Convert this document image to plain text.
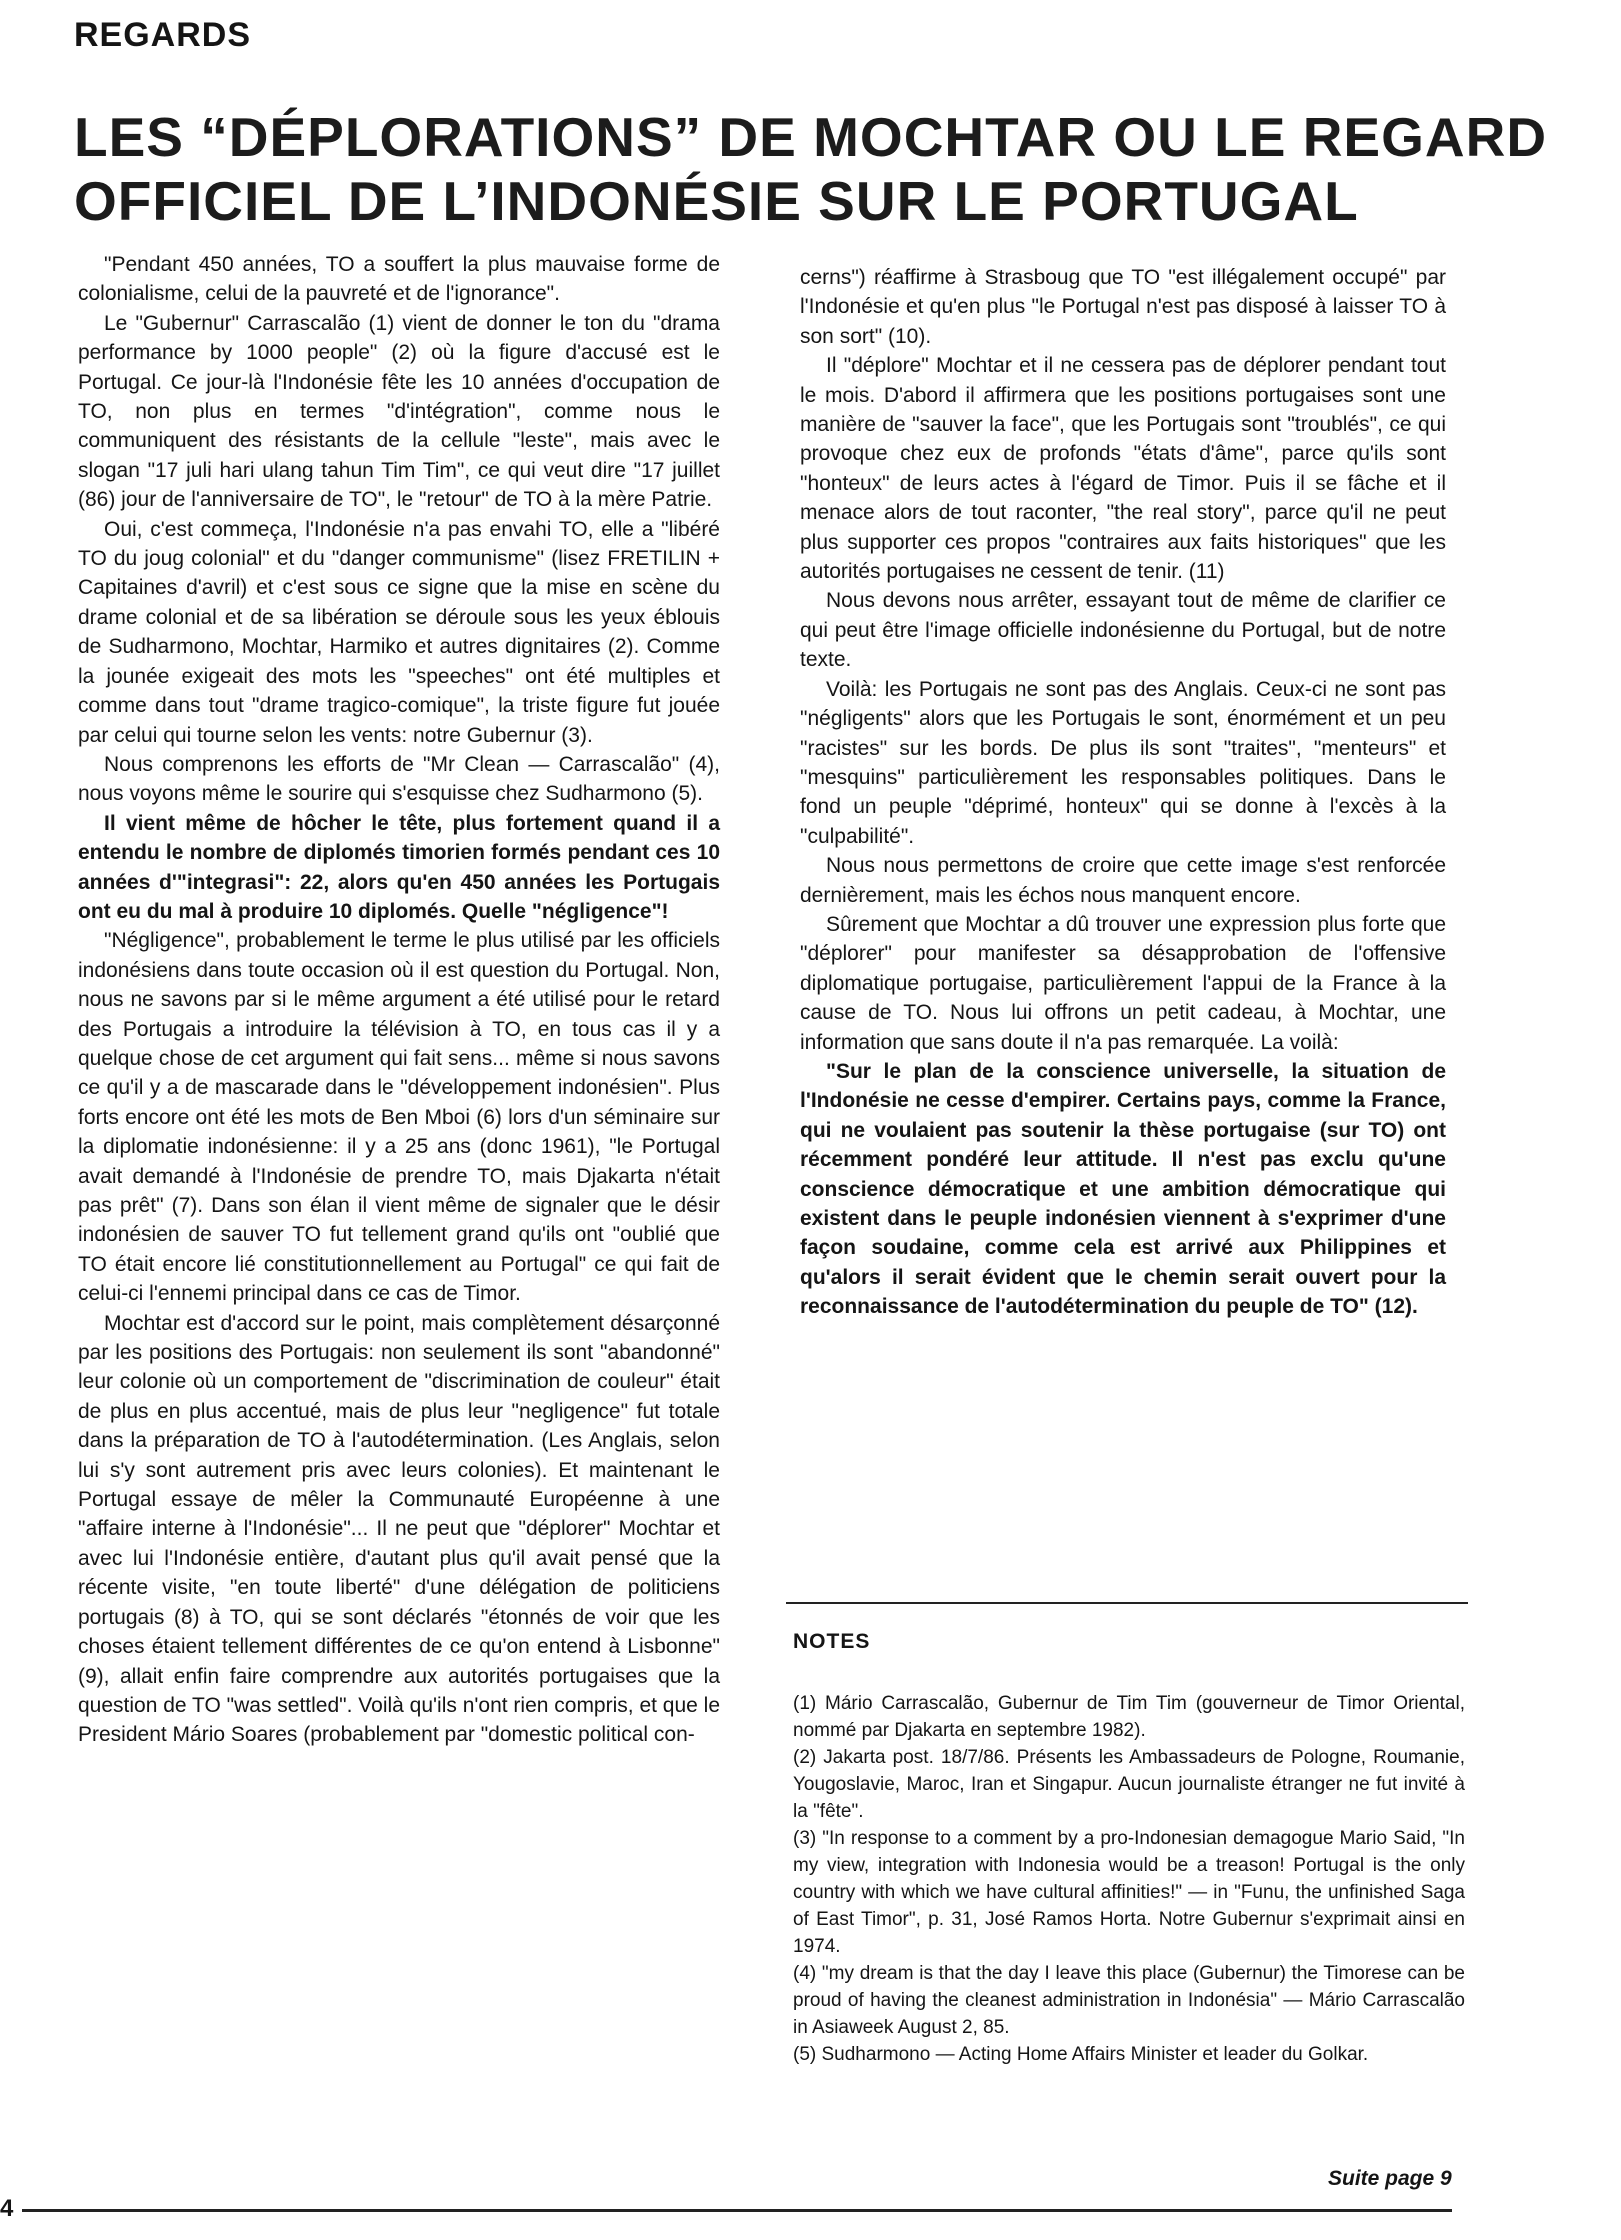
REGARDS
LES “DÉPLORATIONS” DE MOCHTAR OU LE REGARD
OFFICIEL DE L’INDONÉSIE SUR LE PORTUGAL

"Pendant 450 années, TO a souffert la plus mauvaise forme de colonialisme, celui de la pauvreté et de l'ignorance".

Le "Gubernur" Carrascalão (1) vient de donner le ton du "drama performance by 1000 people" (2) où la figure d'accusé est le Portugal. Ce jour-là l'Indonésie fête les 10 années d'occupation de TO, non plus en termes "d'intégration", comme nous le communiquent des résistants de la cellule "leste", mais avec le slogan "17 juli hari ulang tahun Tim Tim", ce qui veut dire "17 juillet (86) jour de l'anniversaire de TO", le "retour" de TO à la mère Patrie.

Oui, c'est commeça, l'Indonésie n'a pas envahi TO, elle a "libéré TO du joug colonial" et du "danger communisme" (lisez FRETILIN + Capitaines d'avril) et c'est sous ce signe que la mise en scène du drame colonial et de sa libération se déroule sous les yeux éblouis de Sudharmono, Mochtar, Harmiko et autres dignitaires (2). Comme la jounée exigeait des mots les "speeches" ont été multiples et comme dans tout "drame tragico-comique", la triste figure fut jouée par celui qui tourne selon les vents: notre Gubernur (3).

Nous comprenons les efforts de "Mr Clean — Carrascalão" (4), nous voyons même le sourire qui s'esquisse chez Sudharmono (5).

Il vient même de hôcher le tête, plus fortement quand il a entendu le nombre de diplomés timorien formés pendant ces 10 années d'"integrasi": 22, alors qu'en 450 années les Portugais ont eu du mal à produire 10 diplomés. Quelle "négligence"!

"Négligence", probablement le terme le plus utilisé par les officiels indonésiens dans toute occasion où il est question du Portugal. Non, nous ne savons par si le même argument a été utilisé pour le retard des Portugais a introduire la télévision à TO, en tous cas il y a quelque chose de cet argument qui fait sens... même si nous savons ce qu'il y a de mascarade dans le "développement indonésien". Plus forts encore ont été les mots de Ben Mboi (6) lors d'un séminaire sur la diplomatie indonésienne: il y a 25 ans (donc 1961), "le Portugal avait demandé à l'Indonésie de prendre TO, mais Djakarta n'était pas prêt" (7). Dans son élan il vient même de signaler que le désir indonésien de sauver TO fut tellement grand qu'ils ont "oublié que TO était encore lié constitutionnellement au Portugal" ce qui fait de celui-ci l'ennemi principal dans ce cas de Timor.

Mochtar est d'accord sur le point, mais complètement désarçonné par les positions des Portugais: non seulement ils sont "abandonné" leur colonie où un comportement de "discrimination de couleur" était de plus en plus accentué, mais de plus leur "negligence" fut totale dans la préparation de TO à l'autodétermination. (Les Anglais, selon lui s'y sont autrement pris avec leurs colonies). Et maintenant le Portugal essaye de mêler la Communauté Européenne à une "affaire interne à l'Indonésie"... Il ne peut que "déplorer" Mochtar et avec lui l'Indonésie entière, d'autant plus qu'il avait pensé que la récente visite, "en toute liberté" d'une délégation de politiciens portugais (8) à TO, qui se sont déclarés "étonnés de voir que les choses étaient tellement différentes de ce qu'on entend à Lisbonne" (9), allait enfin faire comprendre aux autorités portugaises que la question de TO "was settled". Voilà qu'ils n'ont rien compris, et que le President Mário Soares (probablement par "domestic political con-

cerns") réaffirme à Strasboug que TO "est illégalement occupé" par l'Indonésie et qu'en plus "le Portugal n'est pas disposé à laisser TO à son sort" (10).

Il "déplore" Mochtar et il ne cessera pas de déplorer pendant tout le mois. D'abord il affirmera que les positions portugaises sont une manière de "sauver la face", que les Portugais sont "troublés", ce qui provoque chez eux de profonds "états d'âme", parce qu'ils sont "honteux" de leurs actes à l'égard de Timor. Puis il se fâche et il menace alors de tout raconter, "the real story", parce qu'il ne peut plus supporter ces propos "contraires aux faits historiques" que les autorités portugaises ne cessent de tenir. (11)

Nous devons nous arrêter, essayant tout de même de clarifier ce qui peut être l'image officielle indonésienne du Portugal, but de notre texte.

Voilà: les Portugais ne sont pas des Anglais. Ceux-ci ne sont pas "négligents" alors que les Portugais le sont, énormément et un peu "racistes" sur les bords. De plus ils sont "traites", "menteurs" et "mesquins" particulièrement les responsables politiques. Dans le fond un peuple "déprimé, honteux" qui se donne à l'excès à la "culpabilité".

Nous nous permettons de croire que cette image s'est renforcée dernièrement, mais les échos nous manquent encore.

Sûrement que Mochtar a dû trouver une expression plus forte que "déplorer" pour manifester sa désapprobation de l'offensive diplomatique portugaise, particulièrement l'appui de la France à la cause de TO. Nous lui offrons un petit cadeau, à Mochtar, une information que sans doute il n'a pas remarquée. La voilà:

"Sur le plan de la conscience universelle, la situation de l'Indonésie ne cesse d'empirer. Certains pays, comme la France, qui ne voulaient pas soutenir la thèse portugaise (sur TO) ont récemment pondéré leur attitude. Il n'est pas exclu qu'une conscience démocratique et une ambition démocratique qui existent dans le peuple indonésien viennent à s'exprimer d'une façon soudaine, comme cela est arrivé aux Philippines et qu'alors il serait évident que le chemin serait ouvert pour la reconnaissance de l'autodétermination du peuple de TO" (12).

NOTES

(1) Mário Carrascalão, Gubernur de Tim Tim (gouverneur de Timor Oriental, nommé par Djakarta en septembre 1982).

(2) Jakarta post. 18/7/86. Présents les Ambassadeurs de Pologne, Roumanie, Yougoslavie, Maroc, Iran et Singapur. Aucun journaliste étranger ne fut invité à la "fête".

(3) "In response to a comment by a pro-Indonesian demagogue Mario Said, "In my view, integration with Indonesia would be a treason! Portugal is the only country with which we have cultural affinities!" — in "Funu, the unfinished Saga of East Timor", p. 31, José Ramos Horta. Notre Gubernur s'exprimait ainsi en 1974.

(4) "my dream is that the day I leave this place (Gubernur) the Timorese can be proud of having the cleanest administration in Indonésia" — Mário Carrascalão in Asiaweek August 2, 85.

(5) Sudharmono — Acting Home Affairs Minister et leader du Golkar.

Suite page 9
4
